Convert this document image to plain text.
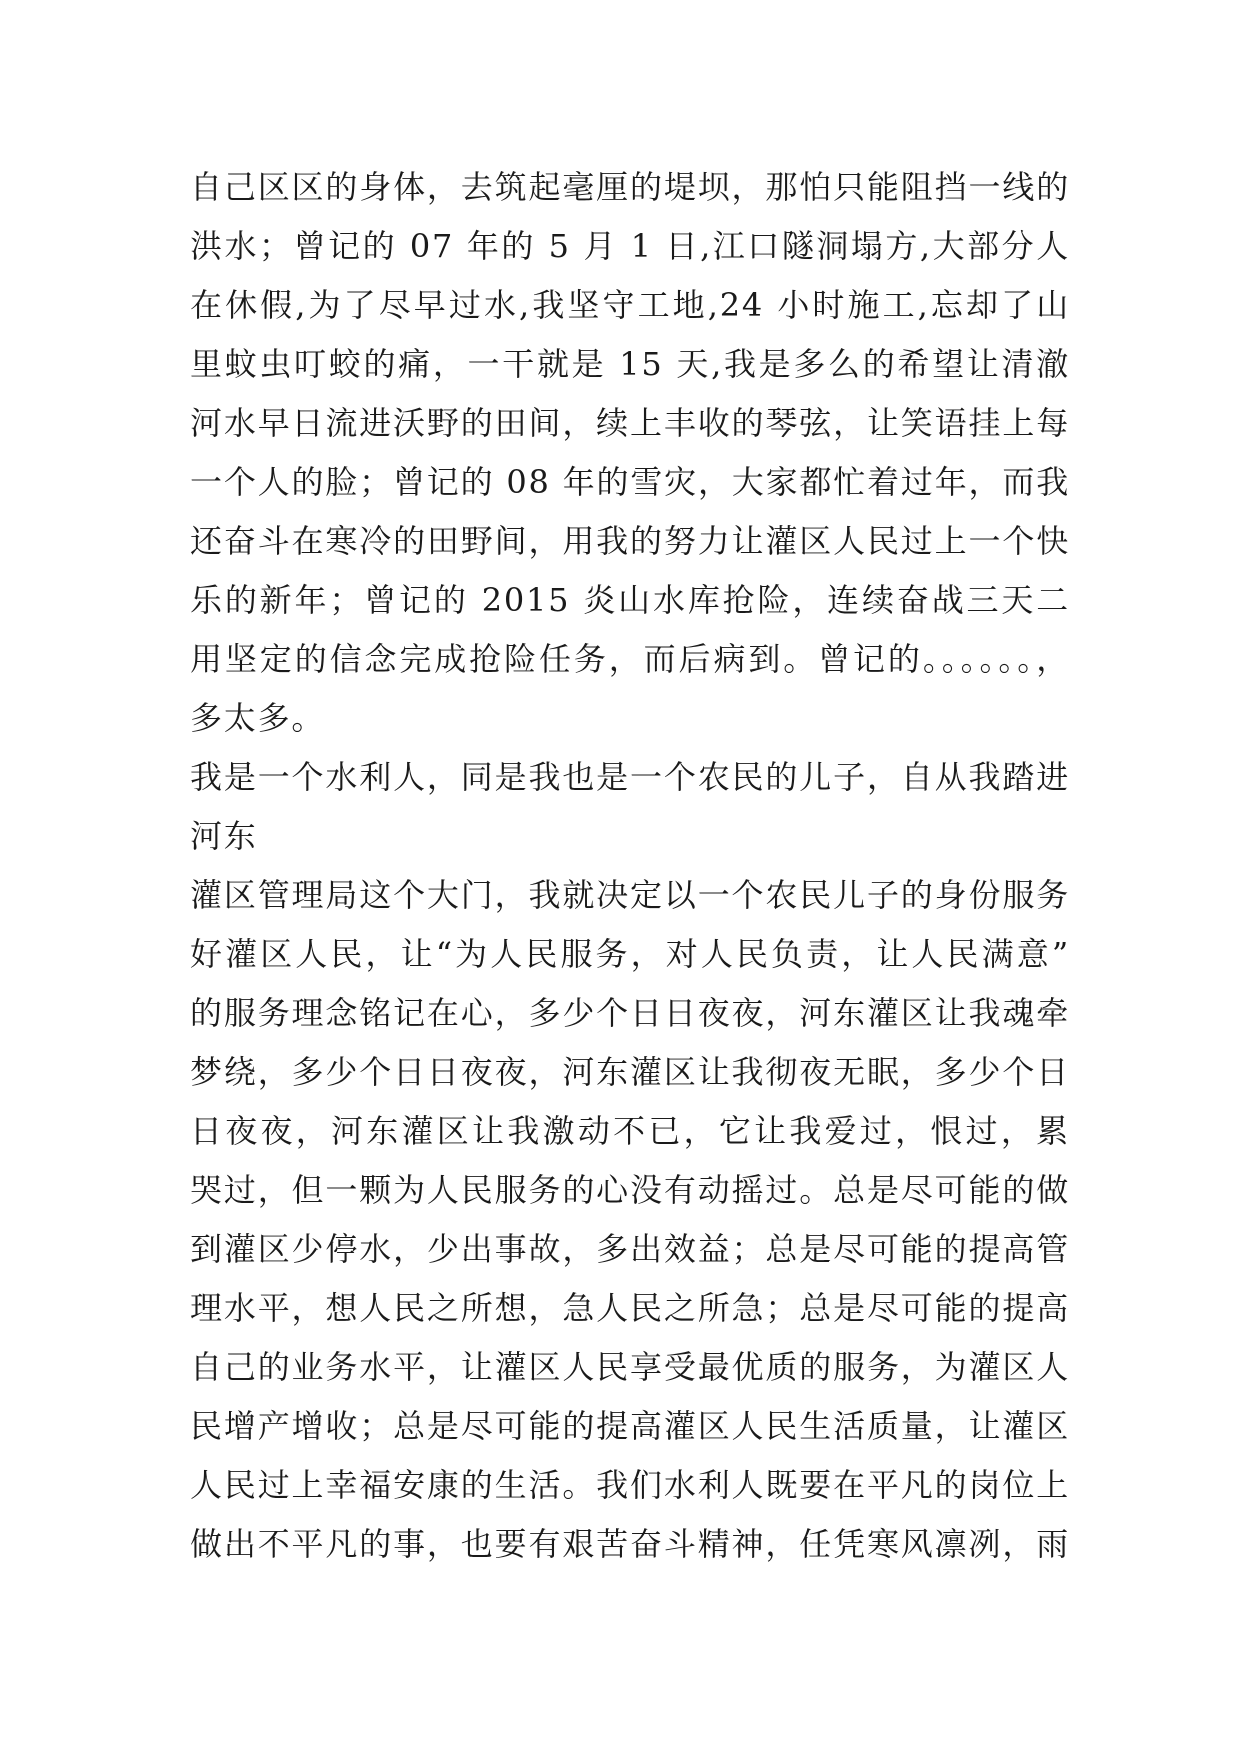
自己区区的身体，去筑起毫厘的堤坝，那怕只能阻挡一线的
洪水；曾记的 07 年的 5 月 1 日,江口隧洞塌方,大部分人
在休假,为了尽早过水,我坚守工地,24 小时施工,忘却了山
里蚊虫叮蛟的痛，一干就是 15 天,我是多么的希望让清澈
河水早日流进沃野的田间，续上丰收的琴弦，让笑语挂上每
一个人的脸；曾记的 08 年的雪灾，大家都忙着过年，而我
还奋斗在寒冷的田野间，用我的努力让灌区人民过上一个快
乐的新年；曾记的 2015 炎山水库抢险，连续奋战三天二
用坚定的信念完成抢险任务，而后病到。曾记的。。。。。。，
多太多。
我是一个水利人，同是我也是一个农民的儿子，自从我踏进
河东
灌区管理局这个大门，我就决定以一个农民儿子的身份服务
好灌区人民，让“为人民服务，对人民负责，让人民满意”
的服务理念铭记在心，多少个日日夜夜，河东灌区让我魂牵
梦绕，多少个日日夜夜，河东灌区让我彻夜无眠，多少个日
日夜夜，河东灌区让我激动不已，它让我爱过，恨过，累
哭过，但一颗为人民服务的心没有动摇过。总是尽可能的做
到灌区少停水，少出事故，多出效益；总是尽可能的提高管
理水平，想人民之所想，急人民之所急；总是尽可能的提高
自己的业务水平，让灌区人民享受最优质的服务，为灌区人
民增产增收；总是尽可能的提高灌区人民生活质量，让灌区
人民过上幸福安康的生活。我们水利人既要在平凡的岗位上
做出不平凡的事，也要有艰苦奋斗精神，任凭寒风凛冽，雨
